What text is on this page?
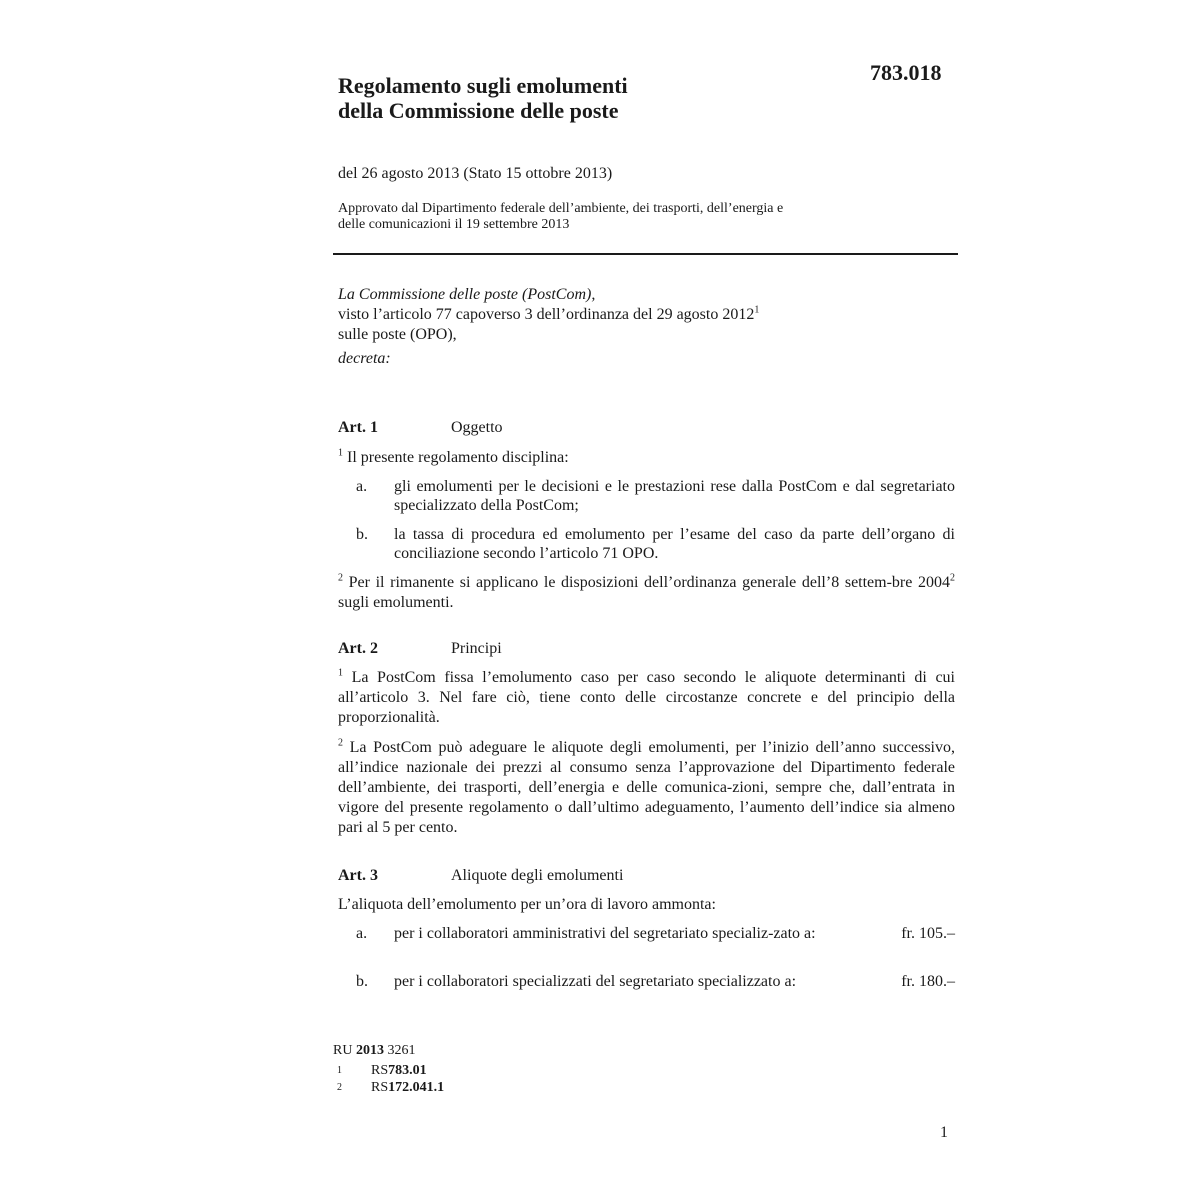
783.018
Regolamento sugli emolumenti
della Commissione delle poste
del 26 agosto 2013 (Stato 15 ottobre 2013)
Approvato dal Dipartimento federale dell’ambiente, dei trasporti, dell’energia e
delle comunicazioni il 19 settembre 2013
La Commissione delle poste (PostCom),
visto l’articolo 77 capoverso 3 dell’ordinanza del 29 agosto 2012$^1$
sulle poste (OPO),
decreta:
Art. 1	Oggetto
$^1$ Il presente regolamento disciplina:
a.	gli emolumenti per le decisioni e le prestazioni rese dalla PostCom e dal segretariato specializzato della PostCom;
b.	la tassa di procedura ed emolumento per l’esame del caso da parte dell’organo di conciliazione secondo l’articolo 71 OPO.
$^2$ Per il rimanente si applicano le disposizioni dell’ordinanza generale dell’8 settem-bre 2004$^2$ sugli emolumenti.
Art. 2	Principi
$^1$ La PostCom fissa l’emolumento caso per caso secondo le aliquote determinanti di cui all’articolo 3. Nel fare ciò, tiene conto delle circostanze concrete e del principio della proporzionalità.
$^2$ La PostCom può adeguare le aliquote degli emolumenti, per l’inizio dell’anno successivo, all’indice nazionale dei prezzi al consumo senza l’approvazione del Dipartimento federale dell’ambiente, dei trasporti, dell’energia e delle comunica-zioni, sempre che, dall’entrata in vigore del presente regolamento o dall’ultimo adeguamento, l’aumento dell’indice sia almeno pari al 5 per cento.
Art. 3	Aliquote degli emolumenti
L’aliquota dell’emolumento per un’ora di lavoro ammonta:
a.	per i collaboratori amministrativi del segretariato specializ-zato a:	fr. 105.–
b.	per i collaboratori specializzati del segretariato specializzato a:	fr. 180.–
RU 2013 3261
1	RS 783.01
2	RS 172.041.1
1
